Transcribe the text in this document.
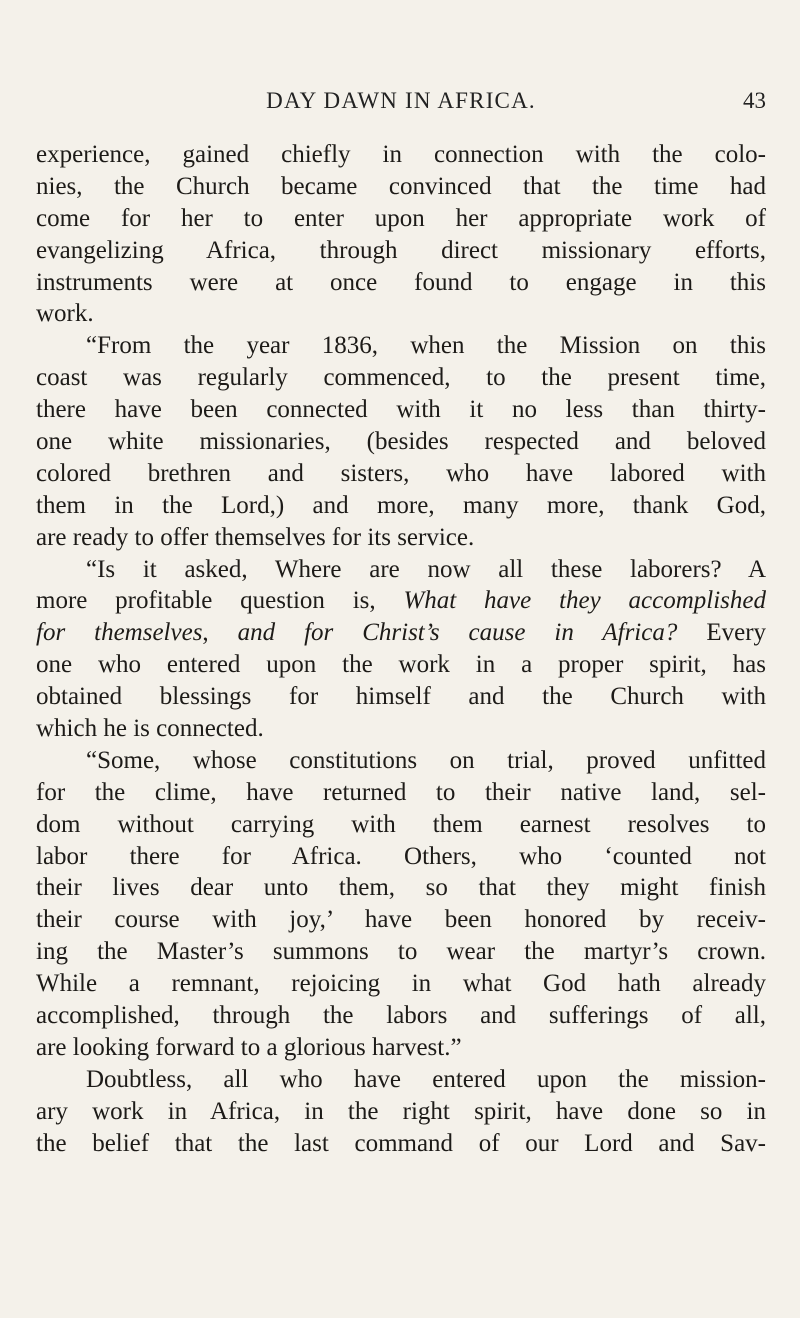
DAY DAWN IN AFRICA.	43
experience, gained chiefly in connection with the colo-
nies, the Church became convinced that the time had
come for her to enter upon her appropriate work of
evangelizing Africa, through direct missionary efforts,
instruments were at once found to engage in this
work.
“From the year 1836, when the Mission on this
coast was regularly commenced, to the present time,
there have been connected with it no less than thirty-
one white missionaries, (besides respected and beloved
colored brethren and sisters, who have labored with
them in the Lord,) and more, many more, thank God,
are ready to offer themselves for its service.
“Is it asked, Where are now all these laborers? A
more profitable question is, What have they accomplished
for themselves, and for Christ’s cause in Africa? Every
one who entered upon the work in a proper spirit, has
obtained blessings for himself and the Church with
which he is connected.
“Some, whose constitutions on trial, proved unfitted
for the clime, have returned to their native land, sel-
dom without carrying with them earnest resolves to
labor there for Africa. Others, who ‘counted not
their lives dear unto them, so that they might finish
their course with joy,’ have been honored by receiv-
ing the Master’s summons to wear the martyr’s crown.
While a remnant, rejoicing in what God hath already
accomplished, through the labors and sufferings of all,
are looking forward to a glorious harvest.”
Doubtless, all who have entered upon the mission-
ary work in Africa, in the right spirit, have done so in
the belief that the last command of our Lord and Sav-
